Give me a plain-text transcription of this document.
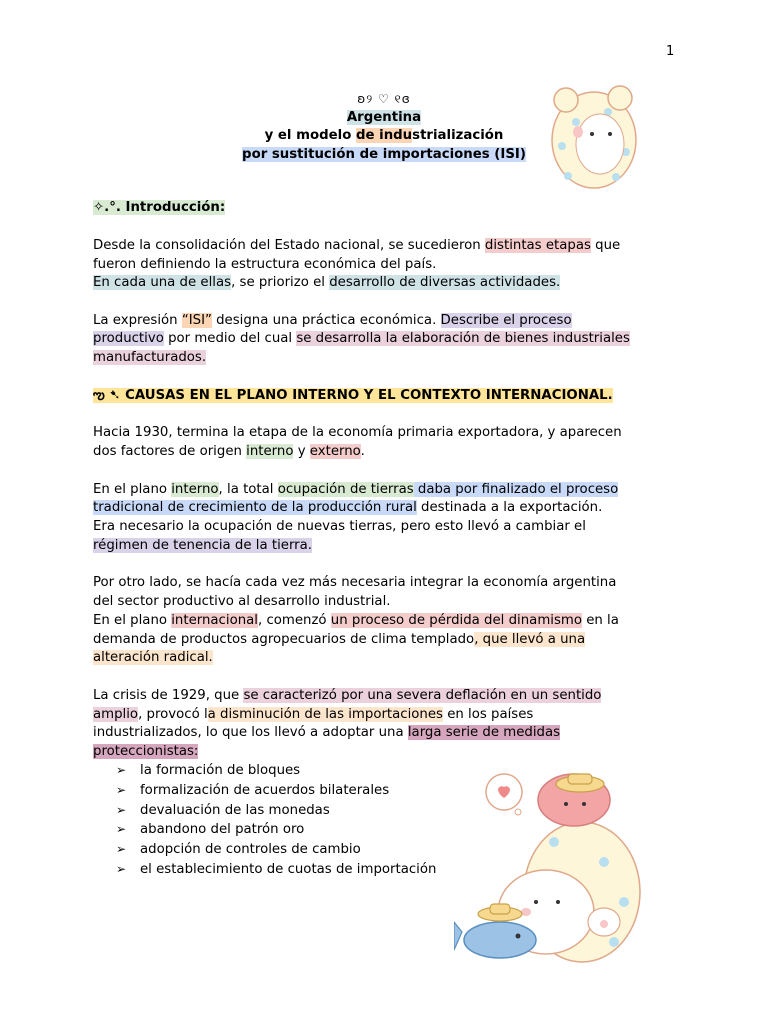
1
ʚ୨ ♡ ୧ɞ
Argentina
y el modelo de industrialización
por sustitución de importaciones (ISI)
✧.°. Introducción:
Desde la consolidación del Estado nacional, se sucedieron distintas etapas que
fueron definiendo la estructura económica del país.
En cada una de ellas, se priorizo el desarrollo de diversas actividades.
La expresión “ISI” designa una práctica económica. Describe el proceso
productivo por medio del cual se desarrolla la elaboración de bienes industriales
manufacturados.
ఌ︎ ➷ CAUSAS EN EL PLANO INTERNO Y EL CONTEXTO INTERNACIONAL.
Hacia 1930, termina la etapa de la economía primaria exportadora, y aparecen
dos factores de origen interno y externo.
En el plano interno, la total ocupación de tierras daba por finalizado el proceso
tradicional de crecimiento de la producción rural destinada a la exportación.
Era necesario la ocupación de nuevas tierras, pero esto llevó a cambiar el
régimen de tenencia de la tierra.
Por otro lado, se hacía cada vez más necesaria integrar la economía argentina
del sector productivo al desarrollo industrial.
En el plano internacional, comenzó un proceso de pérdida del dinamismo en la
demanda de productos agropecuarios de clima templado, que llevó a una
alteración radical.
La crisis de 1929, que se caracterizó por una severa deflación en un sentido
amplio, provocó la disminución de las importaciones en los países
industrializados, lo que los llevó a adoptar una larga serie de medidas
proteccionistas:
➢ la formación de bloques
➢ formalización de acuerdos bilaterales
➢ devaluación de las monedas
➢ abandono del patrón oro
➢ adopción de controles de cambio
➢ el establecimiento de cuotas de importación
